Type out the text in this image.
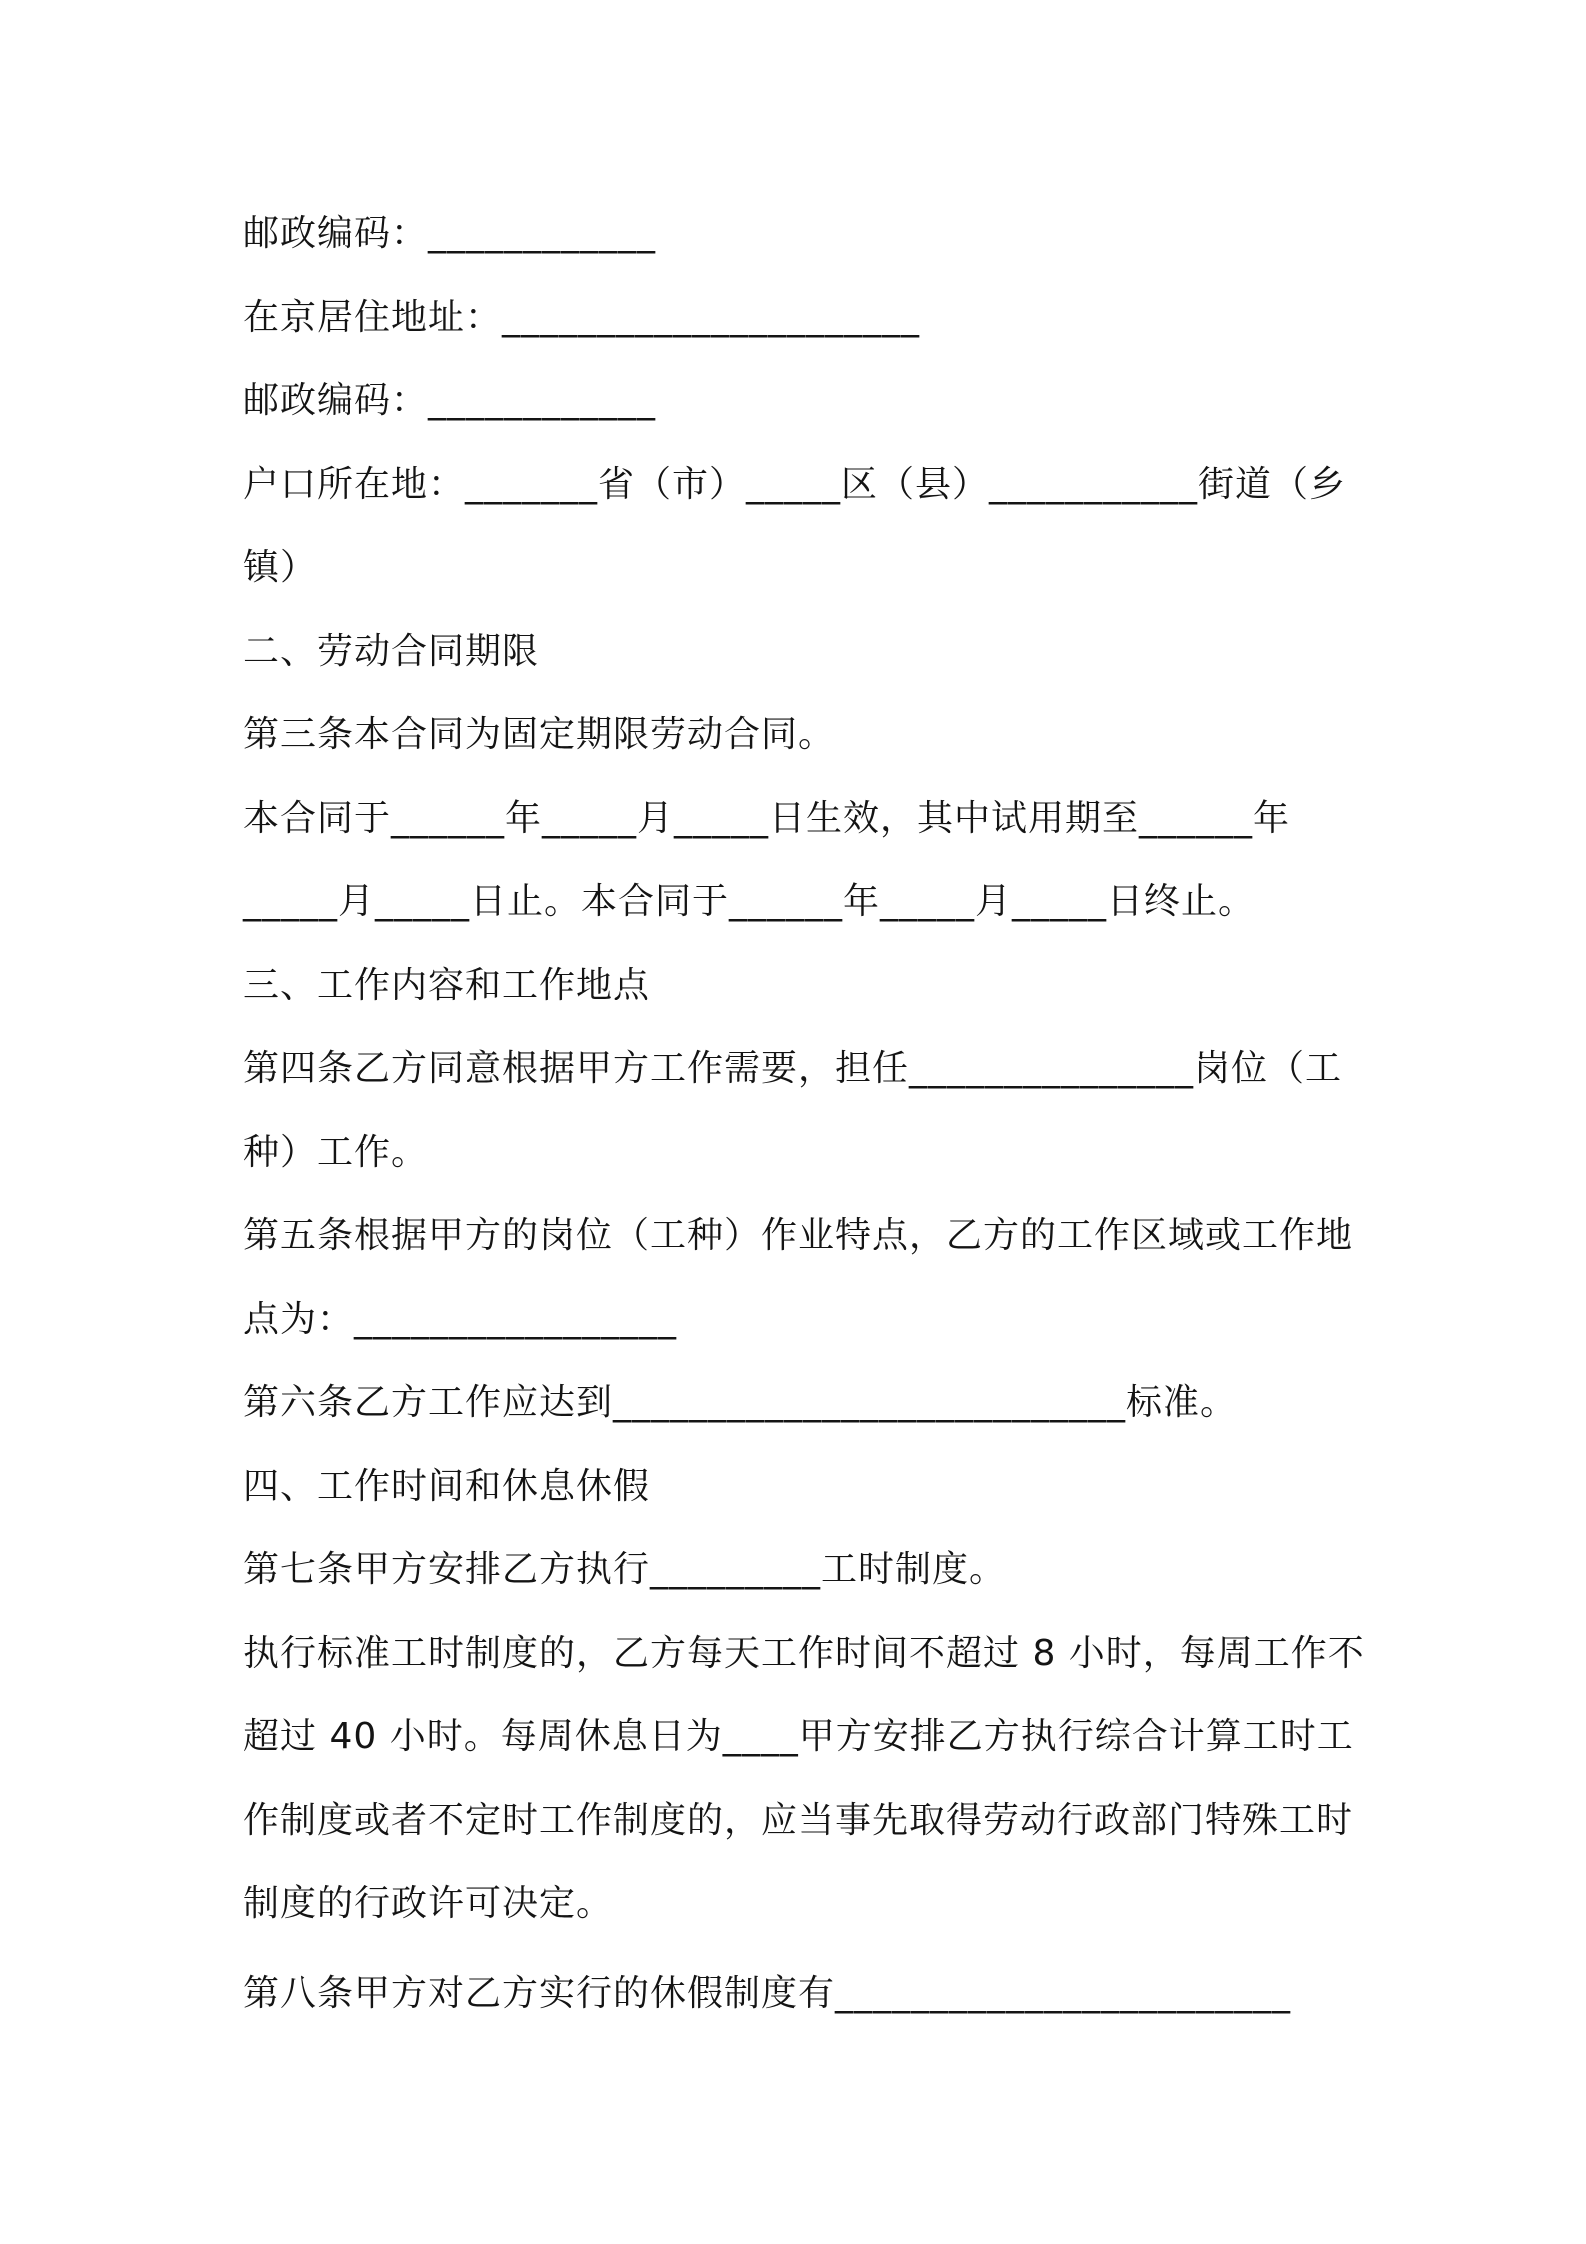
邮政编码：____________
在京居住地址：______________________
邮政编码：____________
户口所在地：_______省（市）_____区（县）___________街道（乡
镇）
二、劳动合同期限
第三条本合同为固定期限劳动合同。
本合同于______年_____月_____日生效，其中试用期至______年
_____月_____日止。本合同于______年_____月_____日终止。
三、工作内容和工作地点
第四条乙方同意根据甲方工作需要，担任_______________岗位（工
种）工作。
第五条根据甲方的岗位（工种）作业特点，乙方的工作区域或工作地
点为：_________________
第六条乙方工作应达到___________________________标准。
四、工作时间和休息休假
第七条甲方安排乙方执行_________工时制度。
执行标准工时制度的，乙方每天工作时间不超过 8 小时，每周工作不
超过 40 小时。每周休息日为____甲方安排乙方执行综合计算工时工
作制度或者不定时工作制度的，应当事先取得劳动行政部门特殊工时
制度的行政许可决定。
第八条甲方对乙方实行的休假制度有________________________
